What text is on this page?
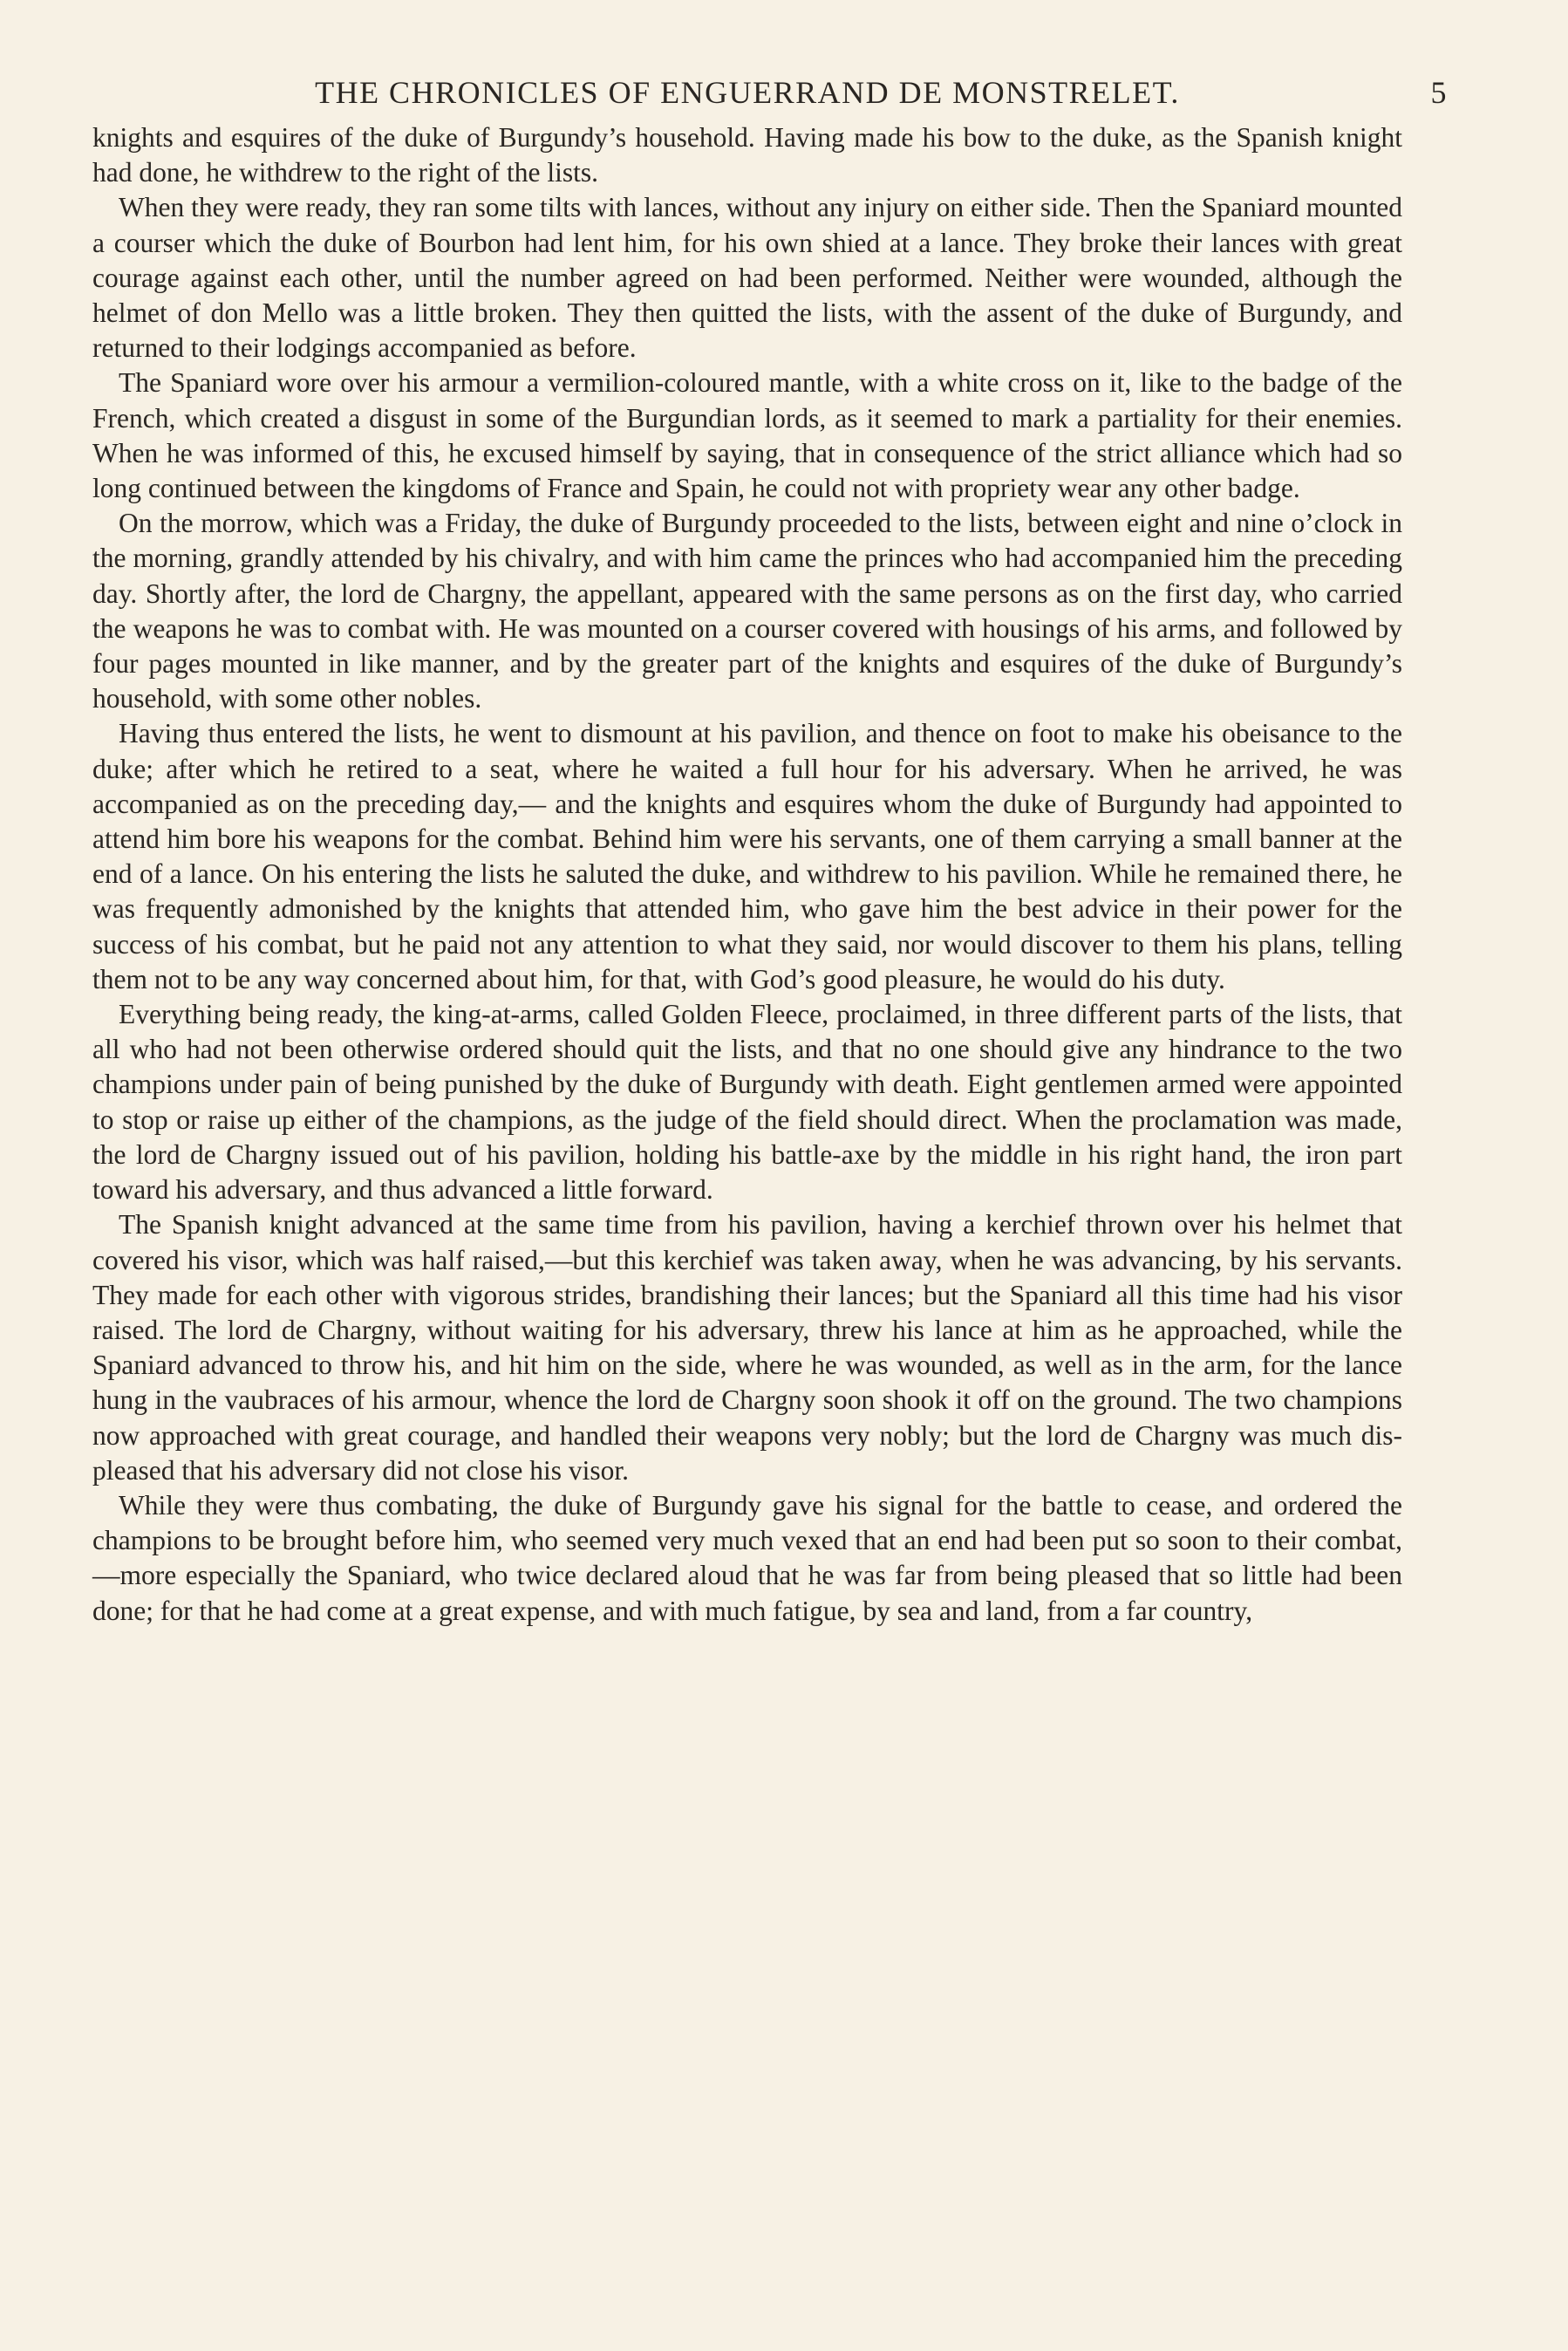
THE CHRONICLES OF ENGUERRAND DE MONSTRELET.	5

knights and esquires of the duke of Burgundy’s household. Having made his bow to the duke, as the Spanish knight had done, he withdrew to the right of the lists.

When they were ready, they ran some tilts with lances, without any injury on either side. Then the Spaniard mounted a courser which the duke of Bourbon had lent him, for his own shied at a lance. They broke their lances with great courage against each other, until the number agreed on had been performed. Neither were wounded, although the helmet of don Mello was a little broken. They then quitted the lists, with the assent of the duke of Burgundy, and returned to their lodgings accompanied as before.

The Spaniard wore over his armour a vermilion-coloured mantle, with a white cross on it, like to the badge of the French, which created a disgust in some of the Burgundian lords, as it seemed to mark a partiality for their enemies. When he was informed of this, he excused himself by saying, that in consequence of the strict alliance which had so long continued between the kingdoms of France and Spain, he could not with propriety wear any other badge.

On the morrow, which was a Friday, the duke of Burgundy proceeded to the lists, between eight and nine o’clock in the morning, grandly attended by his chivalry, and with him came the princes who had accompanied him the preceding day. Shortly after, the lord de Chargny, the appellant, appeared with the same persons as on the first day, who carried the weapons he was to combat with. He was mounted on a courser covered with housings of his arms, and followed by four pages mounted in like manner, and by the greater part of the knights and esquires of the duke of Burgundy’s household, with some other nobles.

Having thus entered the lists, he went to dismount at his pavilion, and thence on foot to make his obeisance to the duke; after which he retired to a seat, where he waited a full hour for his adversary. When he arrived, he was accompanied as on the preceding day,— and the knights and esquires whom the duke of Burgundy had appointed to attend him bore his weapons for the combat. Behind him were his servants, one of them carrying a small banner at the end of a lance. On his entering the lists he saluted the duke, and withdrew to his pavilion. While he remained there, he was frequently admonished by the knights that attended him, who gave him the best advice in their power for the success of his combat, but he paid not any attention to what they said, nor would discover to them his plans, telling them not to be any way concerned about him, for that, with God’s good pleasure, he would do his duty.

Everything being ready, the king-at-arms, called Golden Fleece, proclaimed, in three different parts of the lists, that all who had not been otherwise ordered should quit the lists, and that no one should give any hindrance to the two champions under pain of being punished by the duke of Burgundy with death. Eight gentlemen armed were appointed to stop or raise up either of the champions, as the judge of the field should direct. When the proclamation was made, the lord de Chargny issued out of his pavilion, holding his battle-axe by the middle in his right hand, the iron part toward his adversary, and thus advanced a little forward.

The Spanish knight advanced at the same time from his pavilion, having a kerchief thrown over his helmet that covered his visor, which was half raised,—but this kerchief was taken away, when he was advancing, by his servants. They made for each other with vigorous strides, brandishing their lances; but the Spaniard all this time had his visor raised. The lord de Chargny, without waiting for his adversary, threw his lance at him as he approached, while the Spaniard advanced to throw his, and hit him on the side, where he was wounded, as well as in the arm, for the lance hung in the vaubraces of his armour, whence the lord de Chargny soon shook it off on the ground. The two champions now approached with great courage, and handled their weapons very nobly; but the lord de Chargny was much displeased that his adversary did not close his visor.

While they were thus combating, the duke of Burgundy gave his signal for the battle to cease, and ordered the champions to be brought before him, who seemed very much vexed that an end had been put so soon to their combat,—more especially the Spaniard, who twice declared aloud that he was far from being pleased that so little had been done; for that he had come at a great expense, and with much fatigue, by sea and land, from a far country,
